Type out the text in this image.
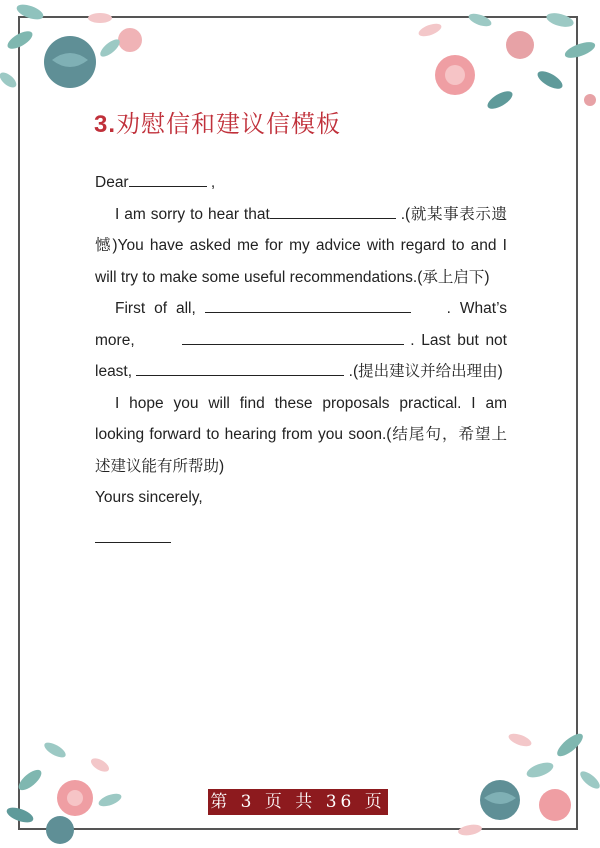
3.劝慰信和建议信模板

Dear	,

I am sorry to hear that	.(就某事表示遗憾)You have asked me for my advice with regard to and I will try to make some useful recommendations.(承上启下)

First of all,	. What’s more,	. Last but not least,	.(提出建议并给出理由)

I hope you will find these proposals practical. I am looking forward to hearing from you soon.(结尾句，希望上述建议能有所帮助)

Yours sincerely,

第 3 页 共 36 页
